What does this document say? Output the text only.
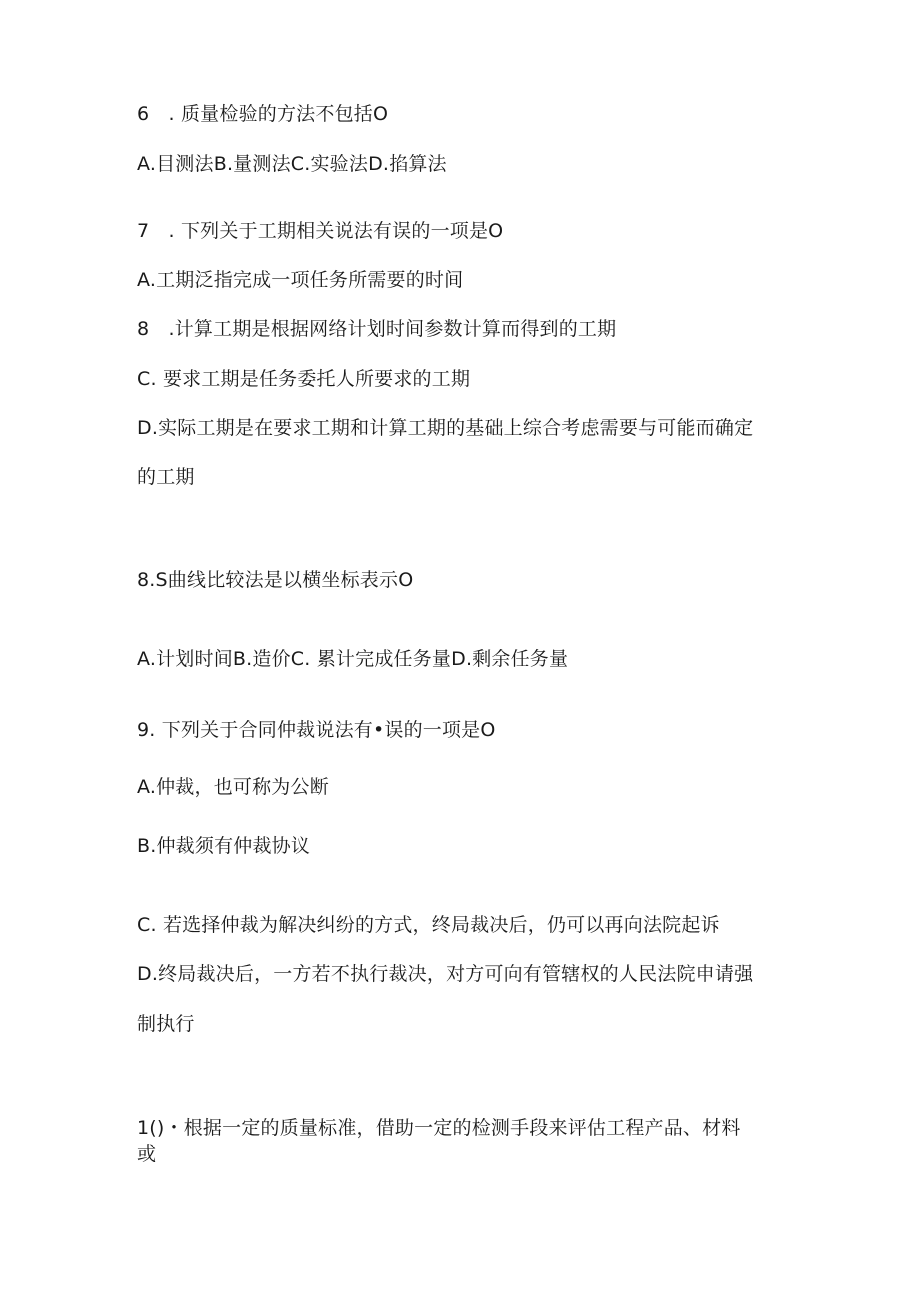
6　. 质量检验的方法不包括O
A.目测法B.量测法C.实验法D.掐算法
7　. 下列关于工期相关说法有误的一项是O
A.工期泛指完成一项任务所需要的时间
8　.计算工期是根据网络计划时间参数计算而得到的工期
C. 要求工期是任务委托人所要求的工期
D.实际工期是在要求工期和计算工期的基础上综合考虑需要与可能而确定
的工期
8.S曲线比较法是以横坐标表示O
A.计划时间B.造价C. 累计完成任务量D.剩余任务量
9. 下列关于合同仲裁说法有•误的一项是O
A.仲裁，也可称为公断
B.仲裁须有仲裁协议
C. 若选择仲裁为解决纠纷的方式，终局裁决后，仍可以再向法院起诉
D.终局裁决后，一方若不执行裁决，对方可向有管辖权的人民法院申请强
制执行
1()・根据一定的质量标准，借助一定的检测手段来评估工程产品、材料
或
